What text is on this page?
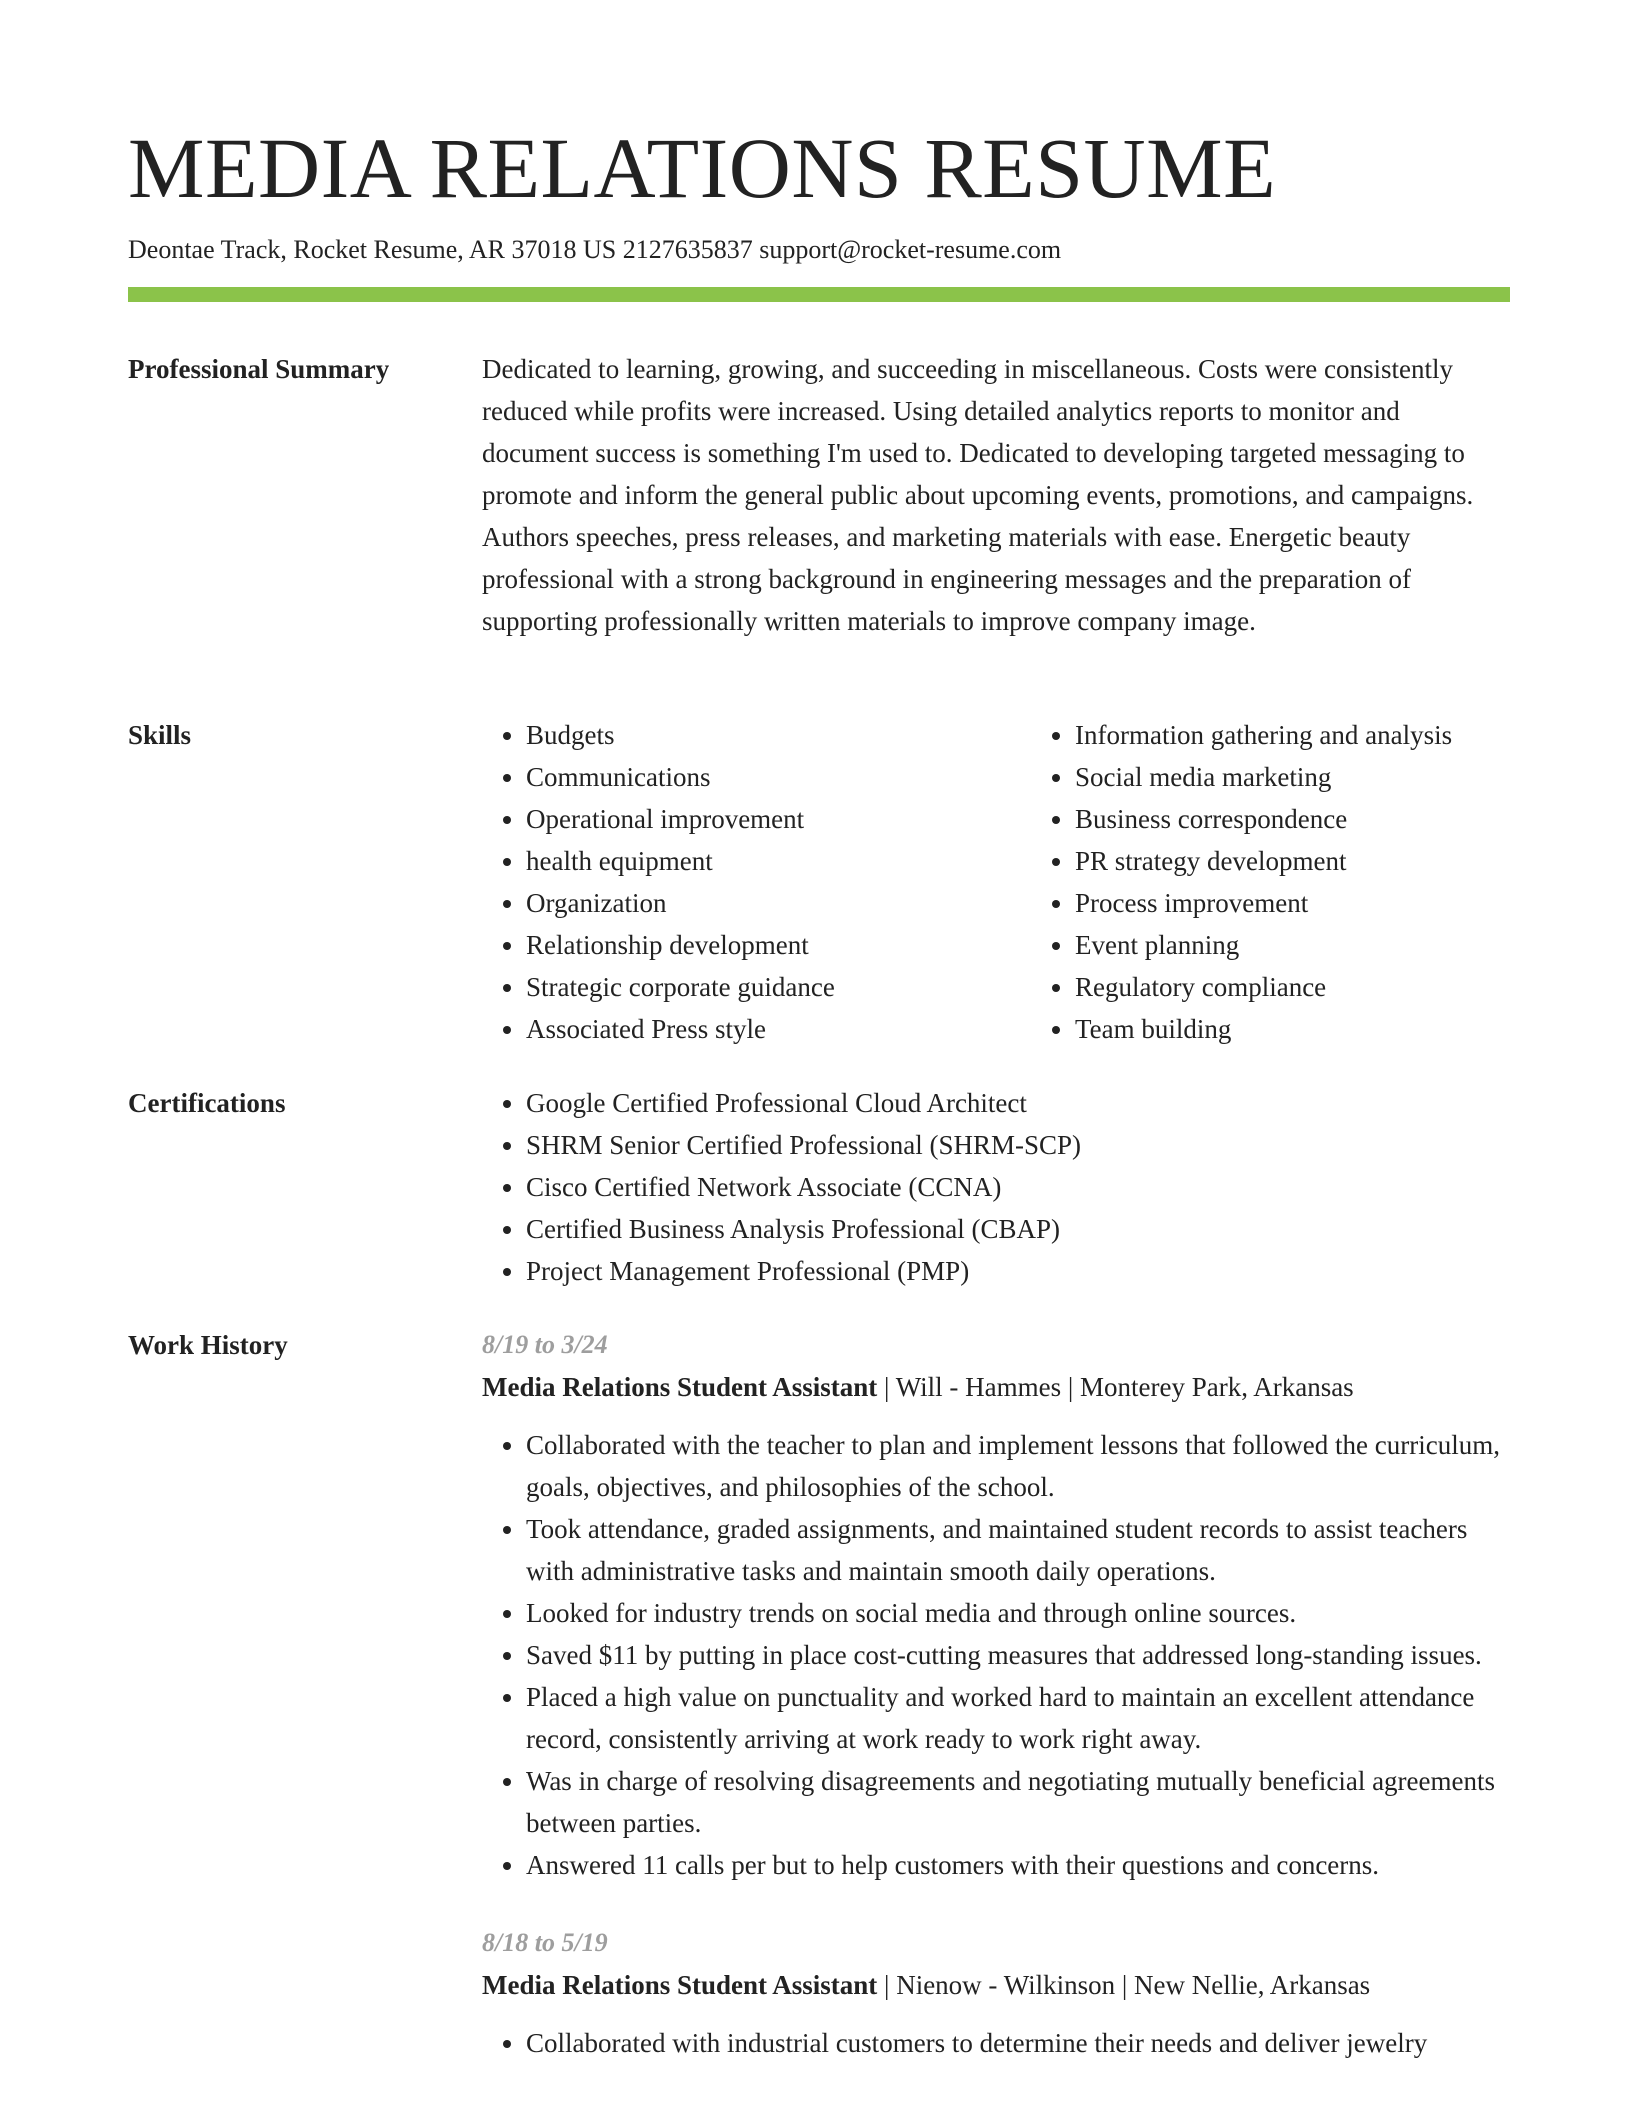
MEDIA RELATIONS RESUME
Deontae Track, Rocket Resume, AR 37018 US 2127635837 support@rocket-resume.com
Professional Summary	Dedicated to learning, growing, and succeeding in miscellaneous. Costs were consistently reduced while profits were increased. Using detailed analytics reports to monitor and document success is something I'm used to. Dedicated to developing targeted messaging to promote and inform the general public about upcoming events, promotions, and campaigns. Authors speeches, press releases, and marketing materials with ease. Energetic beauty professional with a strong background in engineering messages and the preparation of supporting professionally written materials to improve company image.

Skills	• Budgets
• Communications
• Operational improvement
• health equipment
• Organization
• Relationship development
• Strategic corporate guidance
• Associated Press style
• Information gathering and analysis
• Social media marketing
• Business correspondence
• PR strategy development
• Process improvement
• Event planning
• Regulatory compliance
• Team building
Certifications	• Google Certified Professional Cloud Architect
• SHRM Senior Certified Professional (SHRM-SCP)
• Cisco Certified Network Associate (CCNA)
• Certified Business Analysis Professional (CBAP)
• Project Management Professional (PMP)
Work History	8/19 to 3/24
Media Relations Student Assistant | Will - Hammes | Monterey Park, Arkansas
• Collaborated with the teacher to plan and implement lessons that followed the curriculum, goals, objectives, and philosophies of the school.
• Took attendance, graded assignments, and maintained student records to assist teachers with administrative tasks and maintain smooth daily operations.
• Looked for industry trends on social media and through online sources.
• Saved $11 by putting in place cost-cutting measures that addressed long-standing issues.
• Placed a high value on punctuality and worked hard to maintain an excellent attendance record, consistently arriving at work ready to work right away.
• Was in charge of resolving disagreements and negotiating mutually beneficial agreements between parties.
• Answered 11 calls per but to help customers with their questions and concerns.
8/18 to 5/19
Media Relations Student Assistant | Nienow - Wilkinson | New Nellie, Arkansas
• Collaborated with industrial customers to determine their needs and deliver jewelry
